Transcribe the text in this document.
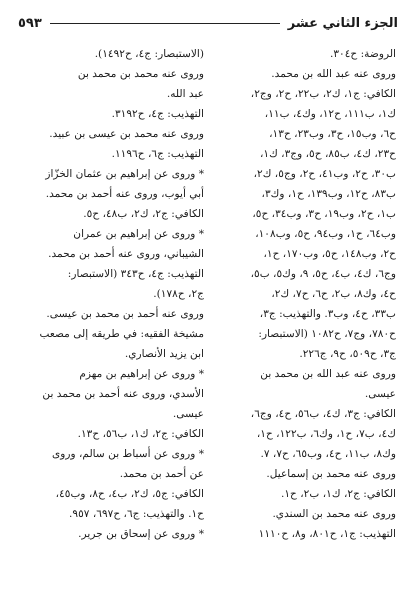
الجزء الثاني عشر
٥٩٣
الروضة: ح٣٠٤.
وروى عنه عبد الله بن محمد.
الكافي: ج١، ك٢، ب٢٢، ح٢، وج٢،
ك١، ب١١١، ح١٢، وك٤، ب١١،
ح٦، وب١٥، ح٣، وب٢٣، ح١٣،
ح٢٣، ك٤، ب٨٥، ح٥، وج٣، ك١،
ب٣٠، ح٢، وب٤١، ح٢، وج٥، ك٢،
ب٨٣، ح١٢، وب١٣٩، ح١، وك٣،
ب١، ح٢، وب١٩، ح٣، وب٣٤، ح٥،
وب٦٤، ح١، وب٩٤، ح٥، وب١٠٨،
ح٢، وب١٤٨، ح٥، وب١٧٠، ح١،
وج٦، ك٤، ب٤، ح٥، ٩، وك٥، ب٥،
ح٤، وك٨، ب٢، ح٦، ح٧، ك٢،
ب٣٣، ح٤، وب٣. والتهذيب: ج٣،
ح٧٨٠، وج٧، ح١٠٨٢ (الاستبصار:
ج٣، ح٥٠٩، ح٩، ج٢٢٦.
وروى عنه عبد الله بن محمد بن
عيسى.
الكافي: ج٣، ك٤، ب٥٦، ح٤، وج٦،
ك٤، ب٧، ح١، وك٦، ب١٢٢، ح١،
وك٨، ب١١، ح٤، وب٦٥، ح٧، ٧.
وروى عنه محمد بن إسماعيل.
الكافي: ج٢، ك١، ب٢، ح١.
وروى عنه محمد بن السندي.
التهذيب: ج١، ح٨٠١، و٨، ح١١١٠
(الاستبصار: ج٤، ح١٤٩٢).
وروى عنه محمد بن محمد بن
عبد الله.
التهذيب: ج٤، ح٣١٩٢.
وروى عنه محمد بن عيسى بن عبيد.
التهذيب: ج٦، ح١١٩٦.
* وروى عن إبراهيم بن عثمان الخزّاز
أبي أيوب، وروى عنه أحمد بن محمد.
الكافي: ج٢، ك٢، ب٤٨، ح٥.
* وروى عن إبراهيم بن عمران
الشيباني، وروى عنه أحمد بن محمد.
التهذيب: ج٤، ح٣٤٣ (الاستبصار:
ج٢، ح١٧٨).
وروى عنه أحمد بن محمد بن عيسى.
مشيخة الفقيه: في طريقه إلى مصعب
ابن يزيد الأنصاري.
* وروى عن إبراهيم بن مهزم
الأسدي، وروى عنه أحمد بن محمد بن
عيسى.
الكافي: ج٢، ك١، ب٥٦، ح١٣.
* وروى عن أسباط بن سالم، وروى
عن أحمد بن محمد.
الكافي: ج٥، ك٢، ب٤، ح٨، وب٤٥،
ح١. والتهذيب: ج٦، ح٦٩٧، ٩٥٧.
* وروى عن إسحاق بن جرير.
